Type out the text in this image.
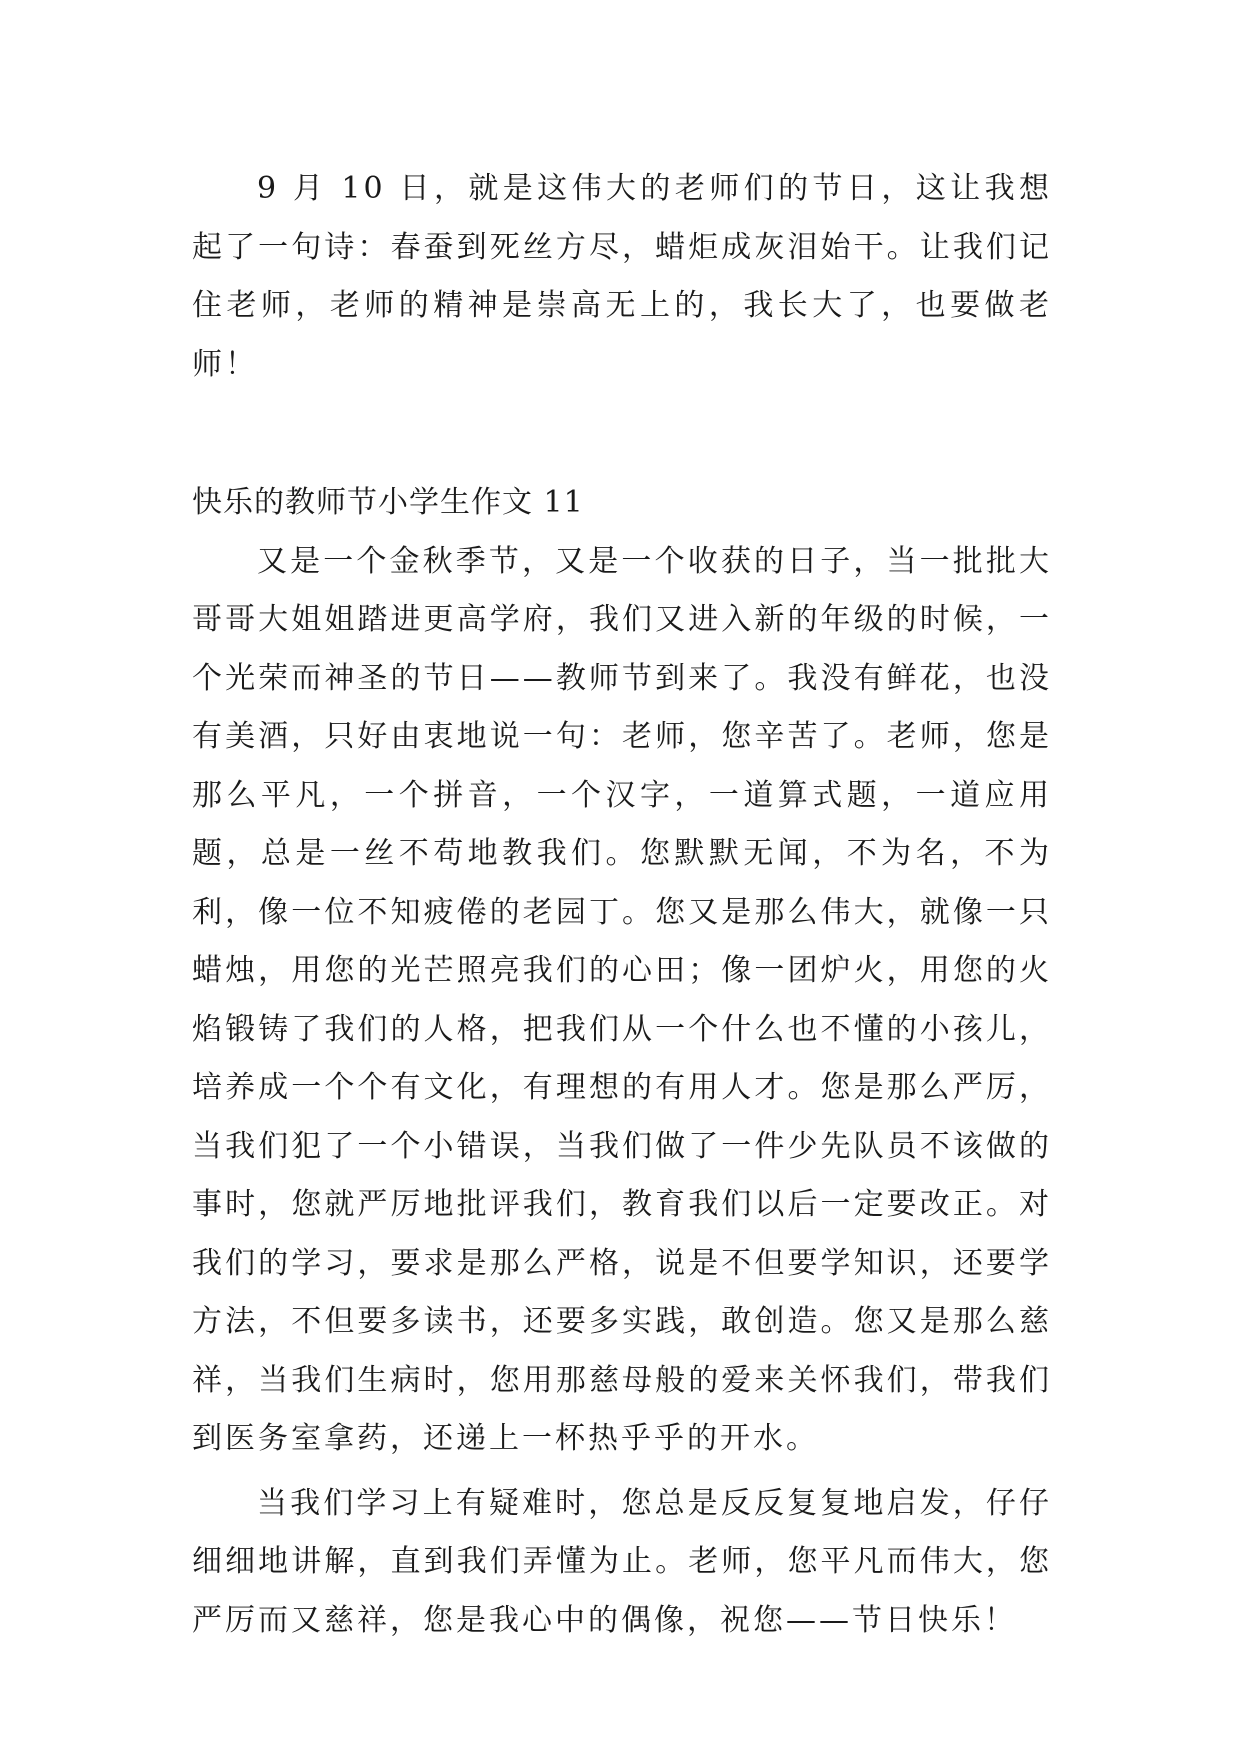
9 月 10 日，就是这伟大的老师们的节日，这让我想起了一句诗：春蚕到死丝方尽，蜡炬成灰泪始干。让我们记住老师，老师的精神是崇高无上的，我长大了，也要做老师！

快乐的教师节小学生作文 11

又是一个金秋季节，又是一个收获的日子，当一批批大哥哥大姐姐踏进更高学府，我们又进入新的年级的时候，一个光荣而神圣的节日——教师节到来了。我没有鲜花，也没有美酒，只好由衷地说一句：老师，您辛苦了。老师，您是那么平凡，一个拼音，一个汉字，一道算式题，一道应用题，总是一丝不苟地教我们。您默默无闻，不为名，不为利，像一位不知疲倦的老园丁。您又是那么伟大，就像一只蜡烛，用您的光芒照亮我们的心田；像一团炉火，用您的火焰锻铸了我们的人格，把我们从一个什么也不懂的小孩儿，培养成一个个有文化，有理想的有用人才。您是那么严厉，当我们犯了一个小错误，当我们做了一件少先队员不该做的事时，您就严厉地批评我们，教育我们以后一定要改正。对我们的学习，要求是那么严格，说是不但要学知识，还要学方法，不但要多读书，还要多实践，敢创造。您又是那么慈祥，当我们生病时，您用那慈母般的爱来关怀我们，带我们到医务室拿药，还递上一杯热乎乎的开水。

当我们学习上有疑难时，您总是反反复复地启发，仔仔细细地讲解，直到我们弄懂为止。老师，您平凡而伟大，您严厉而又慈祥，您是我心中的偶像，祝您——节日快乐！
